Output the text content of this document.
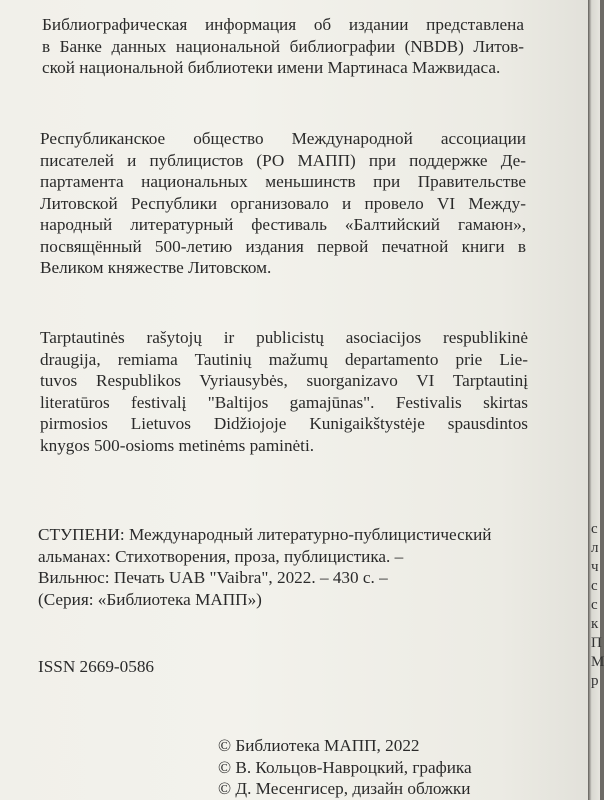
Библиографическая информация об издании представлена
в Банке данных национальной библиографии (NBDB) Литов-
ской национальной библиотеки имени Мартинаса Мажвидаса.
Республиканское общество Международной ассоциации
писателей и публицистов (РО МАПП) при поддержке Де-
партамента национальных меньшинств при Правительстве
Литовской Республики организовало и провело VI Между-
народный литературный фестиваль «Балтийский гамаюн»,
посвящённый 500-летию издания первой печатной книги в
Великом княжестве Литовском.
Tarptautinės rašytojų ir publicistų asociacijos respublikinė
draugija, remiama Tautinių mažumų departamento prie Lie-
tuvos Respublikos Vyriausybės, suorganizavo VI Tarptautinį
literatūros festivalį "Baltijos gamajūnas". Festivalis skirtas
pirmosios Lietuvos Didžiojoje Kunigaikštystėje spausdintos
knygos 500-osioms metinėms paminėti.
СТУПЕНИ: Международный литературно-публицистический
альманах: Стихотворения, проза, публицистика. –
Вильнюс: Печать UAB "Vaibra", 2022. – 430 с. –
(Серия: «Библиотека МАПП»)
ISSN 2669-0586
© Библиотека МАПП, 2022
© В. Кольцов-Навроцкий, графика
© Д. Месенгисер, дизайн обложки
с
л
ч
с
с
к
П
М
р
